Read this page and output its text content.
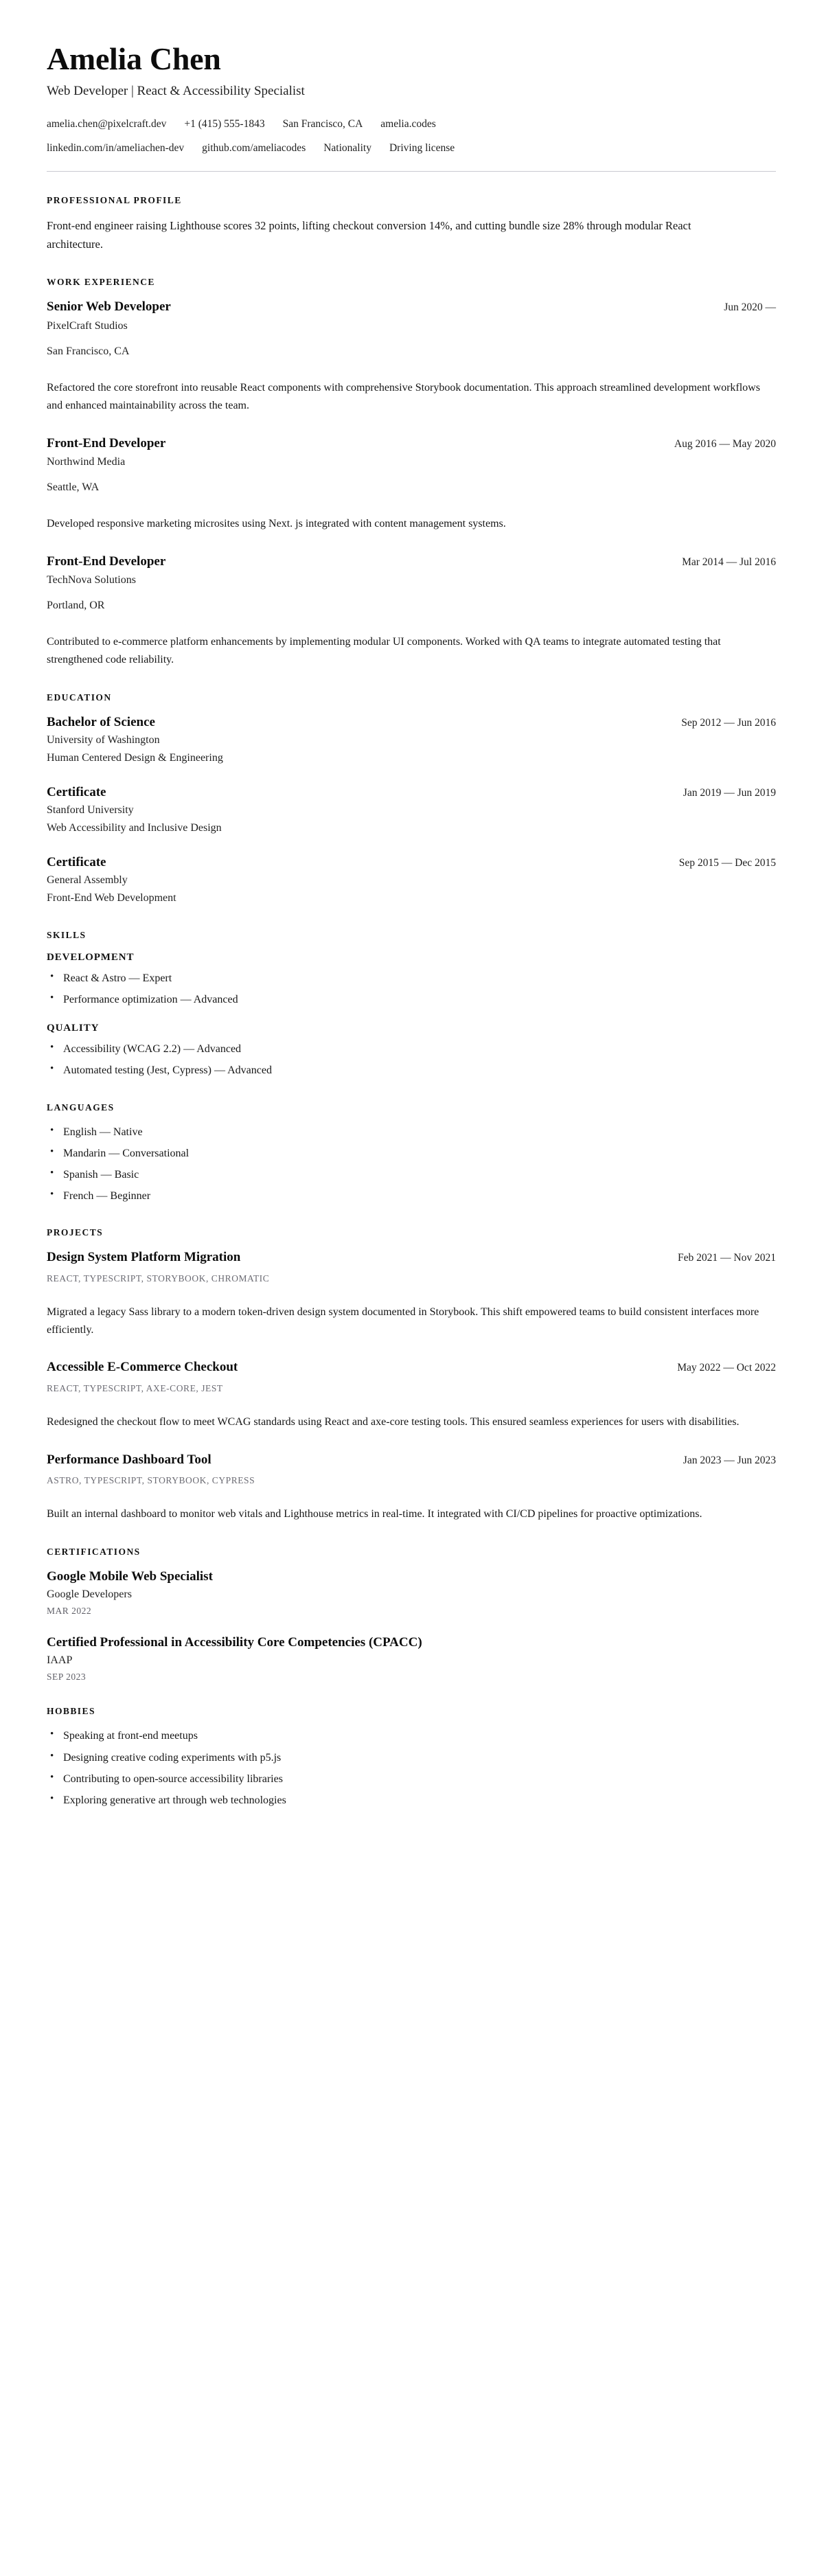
Amelia Chen
Web Developer | React & Accessibility Specialist
amelia.chen@pixelcraft.dev +1 (415) 555-1843 San Francisco, CA amelia.codes
linkedin.com/in/ameliachen-dev github.com/ameliacodes Nationality Driving license
PROFESSIONAL PROFILE

Front-end engineer raising Lighthouse scores 32 points, lifting checkout conversion 14%, and cutting bundle size 28% through modular React architecture.

WORK EXPERIENCE
Senior Web Developer	Jun 2020 —
PixelCraft Studios
San Francisco, CA

Refactored the core storefront into reusable React components with comprehensive Storybook documentation. This approach streamlined development workflows and enhanced maintainability across the team.

Front-End Developer	Aug 2016 — May 2020
Northwind Media
Seattle, WA

Developed responsive marketing microsites using Next. js integrated with content management systems.

Front-End Developer	Mar 2014 — Jul 2016
TechNova Solutions
Portland, OR

Contributed to e-commerce platform enhancements by implementing modular UI components. Worked with QA teams to integrate automated testing that strengthened code reliability.

EDUCATION
Bachelor of Science	Sep 2012 — Jun 2016
University of Washington
Human Centered Design & Engineering
Certificate	Jan 2019 — Jun 2019
Stanford University
Web Accessibility and Inclusive Design
Certificate	Sep 2015 — Dec 2015
General Assembly
Front-End Web Development
SKILLS
DEVELOPMENT
• React & Astro — Expert
• Performance optimization — Advanced
QUALITY
• Accessibility (WCAG 2.2) — Advanced
• Automated testing (Jest, Cypress) — Advanced
LANGUAGES
• English — Native
• Mandarin — Conversational
• Spanish — Basic
• French — Beginner
PROJECTS
Design System Platform Migration	Feb 2021 — Nov 2021
REACT, TYPESCRIPT, STORYBOOK, CHROMATIC

Migrated a legacy Sass library to a modern token-driven design system documented in Storybook. This shift empowered teams to build consistent interfaces more efficiently.

Accessible E-Commerce Checkout	May 2022 — Oct 2022
REACT, TYPESCRIPT, AXE-CORE, JEST

Redesigned the checkout flow to meet WCAG standards using React and axe-core testing tools. This ensured seamless experiences for users with disabilities.

Performance Dashboard Tool	Jan 2023 — Jun 2023
ASTRO, TYPESCRIPT, STORYBOOK, CYPRESS

Built an internal dashboard to monitor web vitals and Lighthouse metrics in real-time. It integrated with CI/CD pipelines for proactive optimizations.

CERTIFICATIONS
Google Mobile Web Specialist
Google Developers
MAR 2022
Certified Professional in Accessibility Core Competencies (CPACC)
IAAP
SEP 2023
HOBBIES
• Speaking at front-end meetups
• Designing creative coding experiments with p5.js
• Contributing to open-source accessibility libraries
• Exploring generative art through web technologies
